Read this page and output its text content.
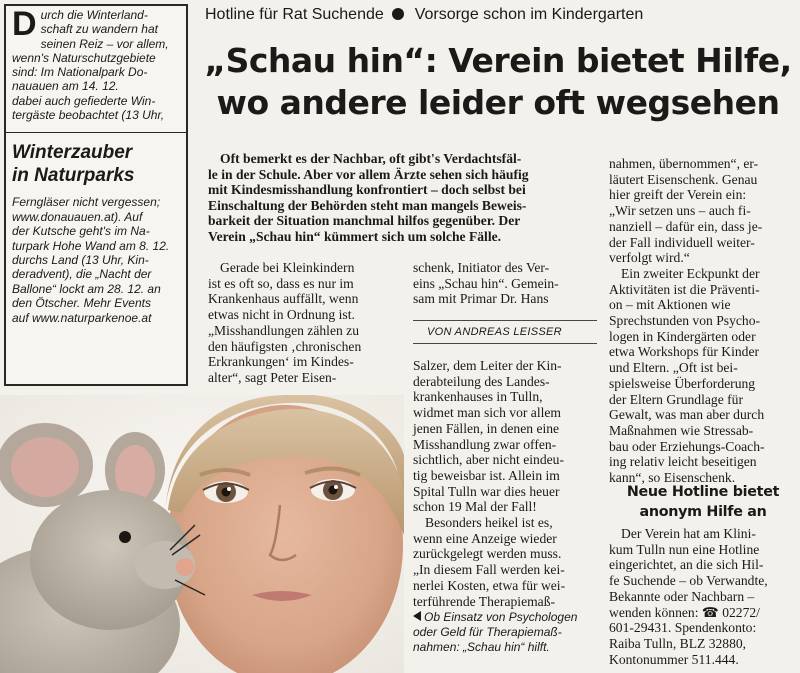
D urch die Winterland-
schaft zu wandern hat
seinen Reiz – vor allem,
wenn's Naturschutzgebiete
sind: Im Nationalpark Do-
nauauen am 14. 12.
dabei auch gefiederte Win-
tergäste beobachtet (13 Uhr,
Winterzauber
in Naturparks
Ferngläser nicht vergessen;
www.donauauen.at). Auf
der Kutsche geht's im Na-
turpark Hohe Wand am 8. 12.
durchs Land (13 Uhr, Kin-
deradvent), die „Nacht der
Ballone“ lockt am 28. 12. an
den Ötscher. Mehr Events
auf www.naturparkenoe.at
Hotline für Rat Suchende Vorsorge schon im Kindergarten
„Schau hin“: Verein bietet Hilfe,
wo andere leider oft wegsehen
Oft bemerkt es der Nachbar, oft gibt's Verdachtsfäl-
le in der Schule. Aber vor allem Ärzte sehen sich häufig
mit Kindesmisshandlung konfrontiert – doch selbst bei
Einschaltung der Behörden steht man mangels Beweis-
barkeit der Situation manchmal hilfos gegenüber. Der
Verein „Schau hin“ kümmert sich um solche Fälle.
Gerade bei Kleinkindern
ist es oft so, dass es nur im
Krankenhaus auffällt, wenn
etwas nicht in Ordnung ist.
„Misshandlungen zählen zu
den häufigsten ‚chronischen
Erkrankungen‘ im Kindes-
alter“, sagt Peter Eisen-
schenk, Initiator des Ver-
eins „Schau hin“. Gemein-
sam mit Primar Dr. Hans
VON ANDREAS LEISSER
Salzer, dem Leiter der Kin-
derabteilung des Landes-
krankenhauses in Tulln,
widmet man sich vor allem
jenen Fällen, in denen eine
Misshandlung zwar offen-
sichtlich, aber nicht eindeu-
tig beweisbar ist. Allein im
Spital Tulln war dies heuer
schon 19 Mal der Fall!
Besonders heikel ist es,
wenn eine Anzeige wieder
zurückgelegt werden muss.
„In diesem Fall werden kei-
nerlei Kosten, etwa für wei-
terführende Therapiemaß-
nahmen, übernommen“, er-
läutert Eisenschenk. Genau
hier greift der Verein ein:
„Wir setzen uns – auch fi-
nanziell – dafür ein, dass je-
der Fall individuell weiter-
verfolgt wird.“
Ein zweiter Eckpunkt der
Aktivitäten ist die Präventi-
on – mit Aktionen wie
Sprechstunden von Psycho-
logen in Kindergärten oder
etwa Workshops für Kinder
und Eltern. „Oft ist bei-
spielsweise Überforderung
der Eltern Grundlage für
Gewalt, was man aber durch
Maßnahmen wie Stressab-
bau oder Erziehungs-Coach-
ing relativ leicht beseitigen
kann“, so Eisenschenk.
Neue Hotline bietet
anonym Hilfe an
Der Verein hat am Klini-
kum Tulln nun eine Hotline
eingerichtet, an die sich Hil-
fe Suchende – ob Verwandte,
Bekannte oder Nachbarn –
wenden können: ☎ 02272/
601-29431. Spendenkonto:
Raiba Tulln, BLZ 32880,
Kontonummer 511.444.
Ob Einsatz von Psychologen
oder Geld für Therapiemaß-
nahmen: „Schau hin“ hilft.
